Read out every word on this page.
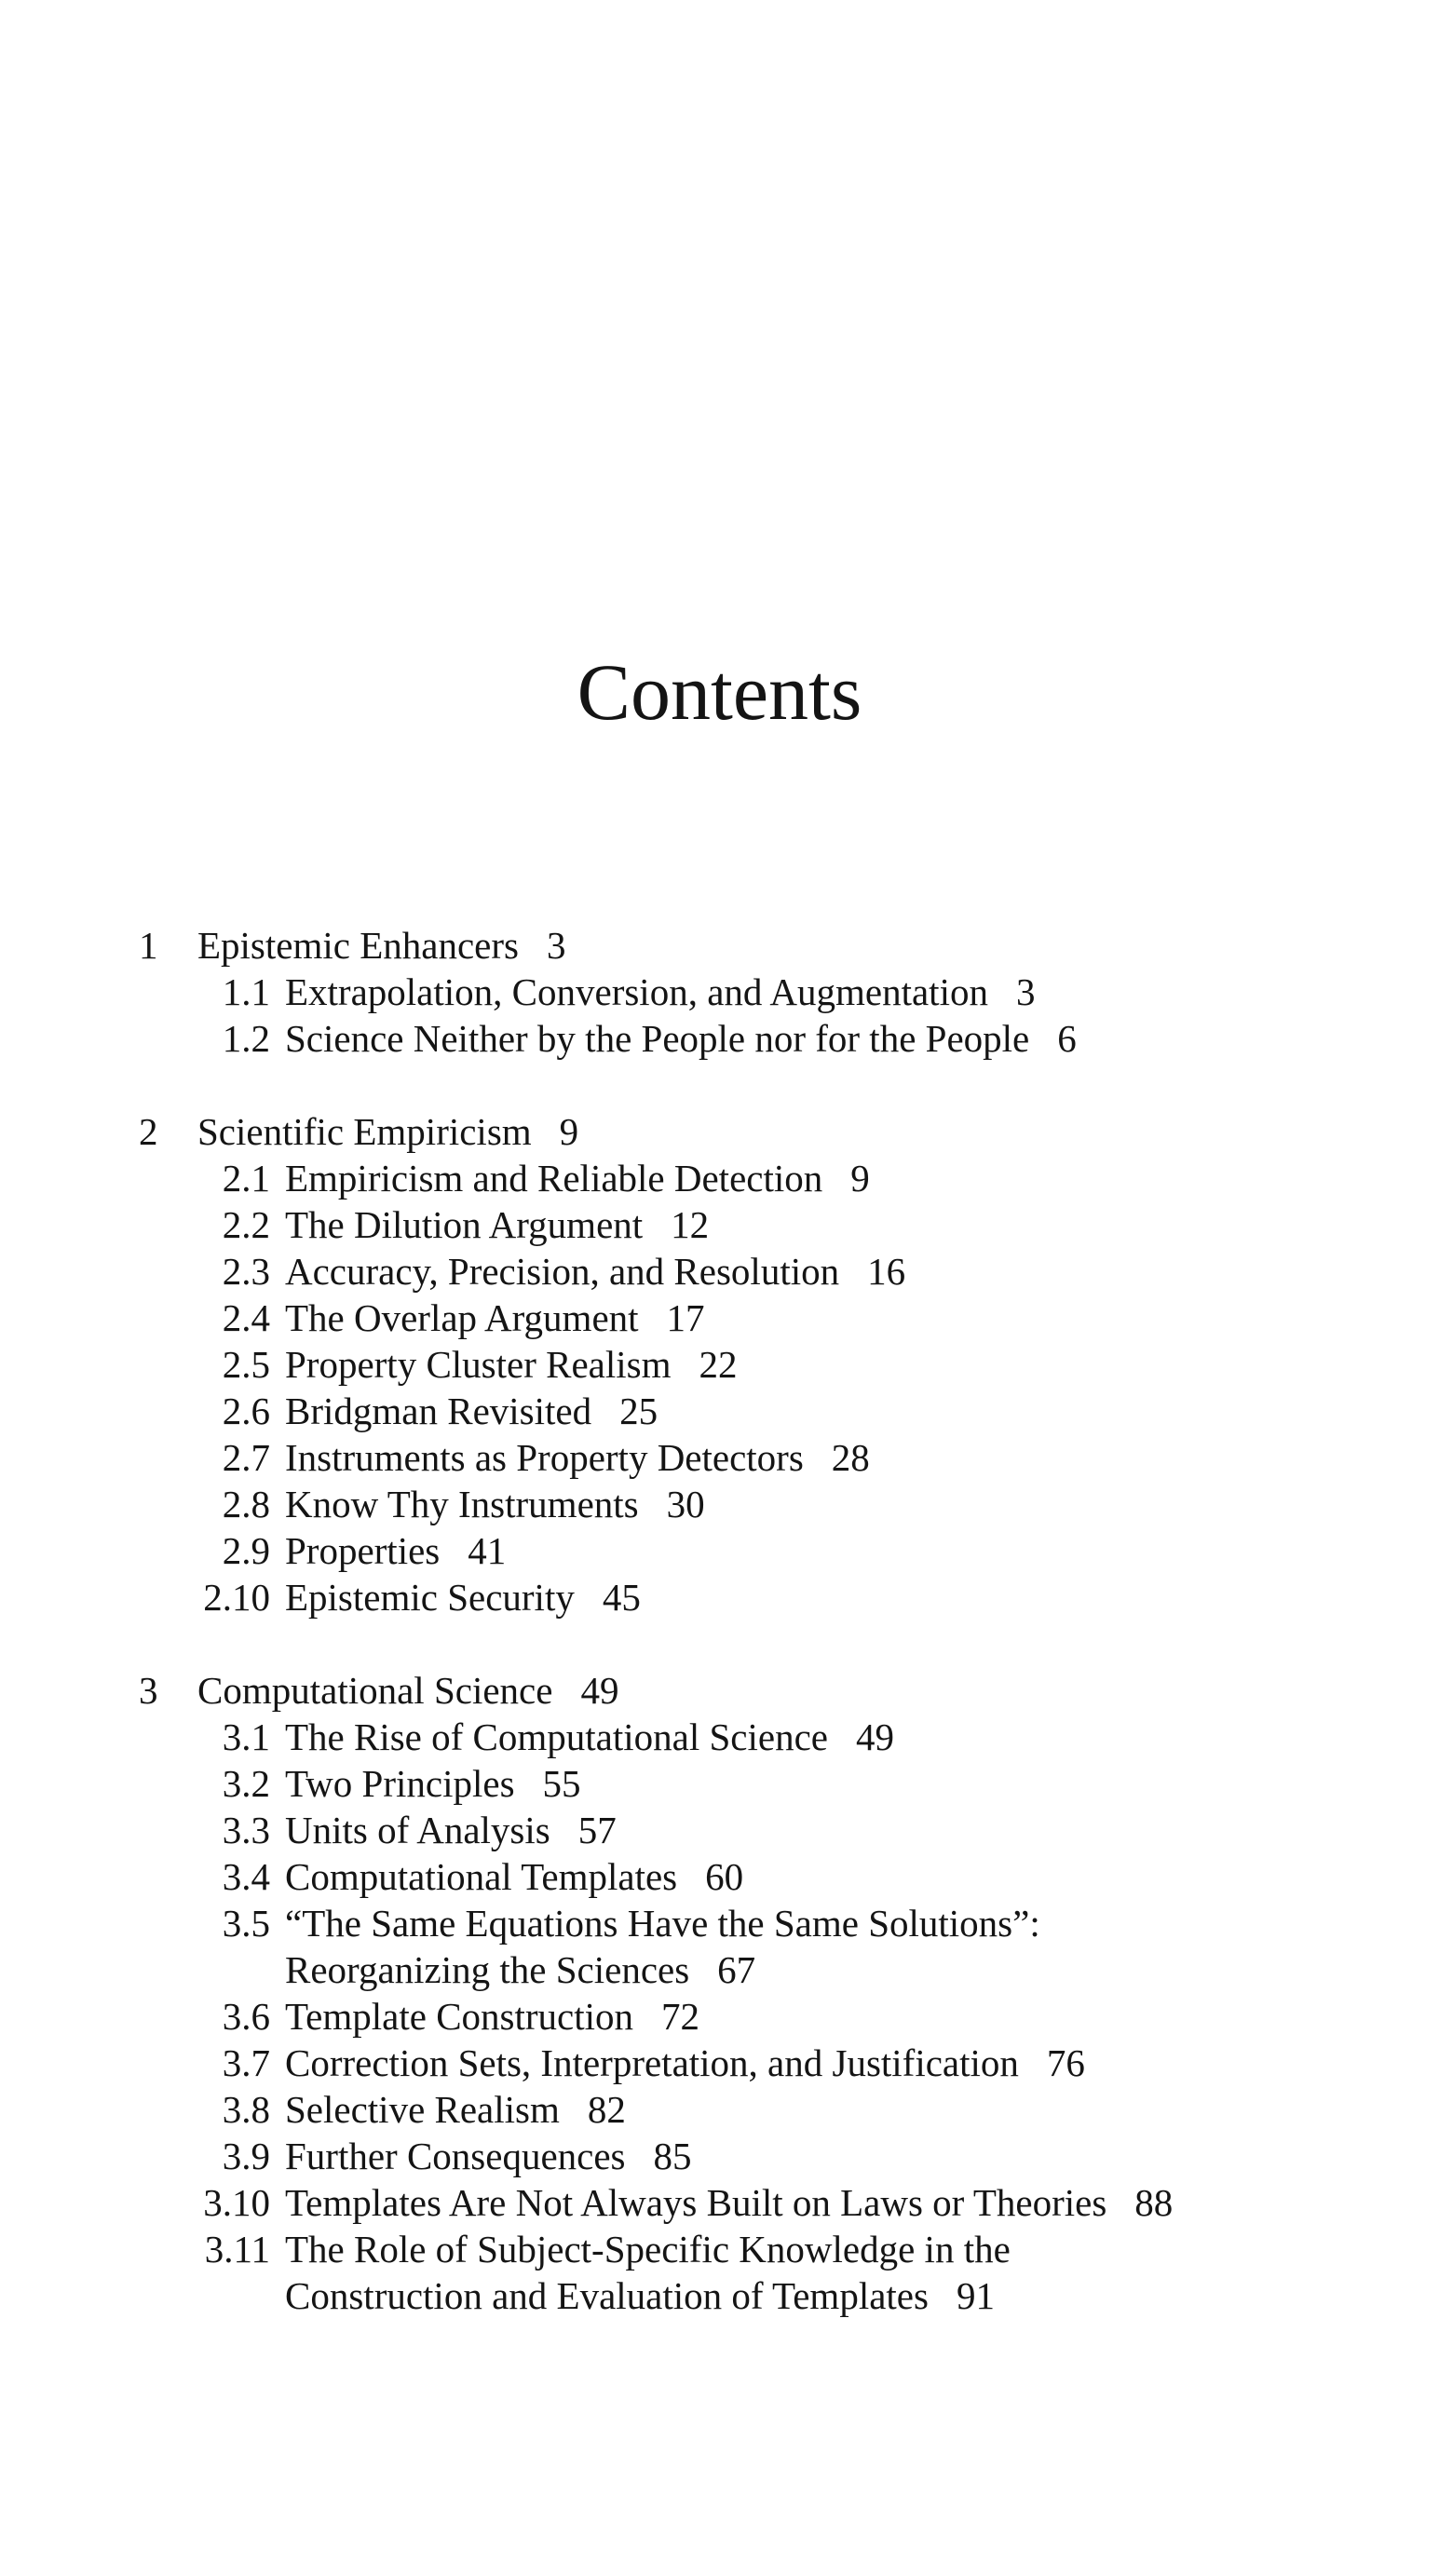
Contents
1 Epistemic Enhancers 3
1.1 Extrapolation, Conversion, and Augmentation 3
1.2 Science Neither by the People nor for the People 6
2 Scientific Empiricism 9
2.1 Empiricism and Reliable Detection 9
2.2 The Dilution Argument 12
2.3 Accuracy, Precision, and Resolution 16
2.4 The Overlap Argument 17
2.5 Property Cluster Realism 22
2.6 Bridgman Revisited 25
2.7 Instruments as Property Detectors 28
2.8 Know Thy Instruments 30
2.9 Properties 41
2.10 Epistemic Security 45
3 Computational Science 49
3.1 The Rise of Computational Science 49
3.2 Two Principles 55
3.3 Units of Analysis 57
3.4 Computational Templates 60
3.5 “The Same Equations Have the Same Solutions”:
Reorganizing the Sciences 67
3.6 Template Construction 72
3.7 Correction Sets, Interpretation, and Justification 76
3.8 Selective Realism 82
3.9 Further Consequences 85
3.10 Templates Are Not Always Built on Laws or Theories 88
3.11 The Role of Subject-Specific Knowledge in the
Construction and Evaluation of Templates 91
